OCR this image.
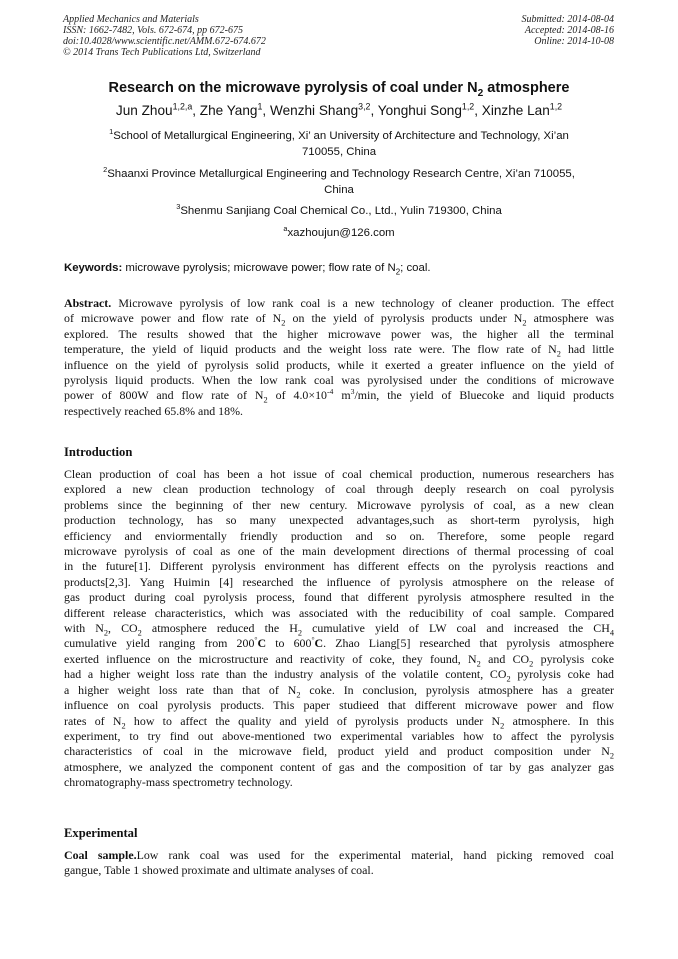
Applied Mechanics and Materials
ISSN: 1662-7482, Vols. 672-674, pp 672-675
doi:10.4028/www.scientific.net/AMM.672-674.672
© 2014 Trans Tech Publications Ltd, Switzerland
Submitted: 2014-08-04
Accepted: 2014-08-16
Online: 2014-10-08
Research on the microwave pyrolysis of coal under $N_2$ atmosphere
Jun Zhou$^{1,2,a}$, Zhe Yang$^1$, Wenzhi Shang$^{3,2}$, Yonghui Song$^{1,2}$, Xinzhe Lan$^{1,2}$
$^1$School of Metallurgical Engineering, Xi’ an University of Architecture and Technology, Xi’an
710055, China
$^2$Shaanxi Province Metallurgical Engineering and Technology Research Centre, Xi’an 710055,
China
$^3$Shenmu Sanjiang Coal Chemical Co., Ltd., Yulin 719300, China
$^a$xazhoujun@126.com
Keywords: microwave pyrolysis; microwave power; flow rate of $N_2$; coal.
Abstract. Microwave pyrolysis of low rank coal is a new technology of cleaner production. The effect
of microwave power and flow rate of $N_2$ on the yield of pyrolysis products under $N_2$ atmosphere was
explored. The results showed that the higher microwave power was, the higher all the terminal
temperature, the yield of liquid products and the weight loss rate were. The flow rate of $N_2$ had little
influence on the yield of pyrolysis solid products, while it exerted a greater influence on the yield of
pyrolysis liquid products. When the low rank coal was pyrolysised under the conditions of microwave
power of 800W and flow rate of $N_2$ of $4.0\times 10^{-4}$ $m^3/\min$, the yield of Bluecoke and liquid products
respectively reached 65.8% and 18%.
Introduction
Clean production of coal has been a hot issue of coal chemical production, numerous researchers has
explored a new clean production technology of coal through deeply research on coal pyrolysis
problems since the beginning of ther new century. Microwave pyrolysis of coal, as a new clean
production technology, has so many unexpected advantages,such as short-term pyrolysis, high
efficiency and enviormentally friendly production and so on. Therefore, some people regard
microwave pyrolysis of coal as one of the main development directions of thermal processing of coal
in the future[1]. Different pyrolysis environment has different effects on the pyrolysis reactions and
products[2,3]. Yang Huimin [4] researched the influence of pyrolysis atmosphere on the release of
gas product during coal pyrolysis process, found that different pyrolysis atmosphere resulted in the
different release characteristics, which was associated with the reducibility of coal sample. Compared
with $N_2$, $CO_2$ atmosphere reduced the $H_2$ cumulative yield of LW coal and increased the $CH_4$
cumulative yield ranging from 200°C to 600°C. Zhao Liang[5] researched that pyrolysis atmosphere
exerted influence on the microstructure and reactivity of coke, they found, $N_2$ and $CO_2$ pyrolysis coke
had a higher weight loss rate than the industry analysis of the volatile content, $CO_2$ pyrolysis coke had
a higher weight loss rate than that of $N_2$ coke. In conclusion, pyrolysis atmosphere has a greater
influence on coal pyrolysis products. This paper studieed that different microwave power and flow
rates of $N_2$ how to affect the quality and yield of pyrolysis products under $N_2$ atmosphere. In this
experiment, to try find out above-mentioned two experimental variables how to affect the pyrolysis
characteristics of coal in the microwave field, product yield and product composition under $N_2$
atmosphere, we analyzed the component content of gas and the composition of tar by gas analyzer gas
chromatography-mass spectrometry technology.
Experimental
Coal sample.Low rank coal was used for the experimental material, hand picking removed coal
gangue, Table 1 showed proximate and ultimate analyses of coal.
